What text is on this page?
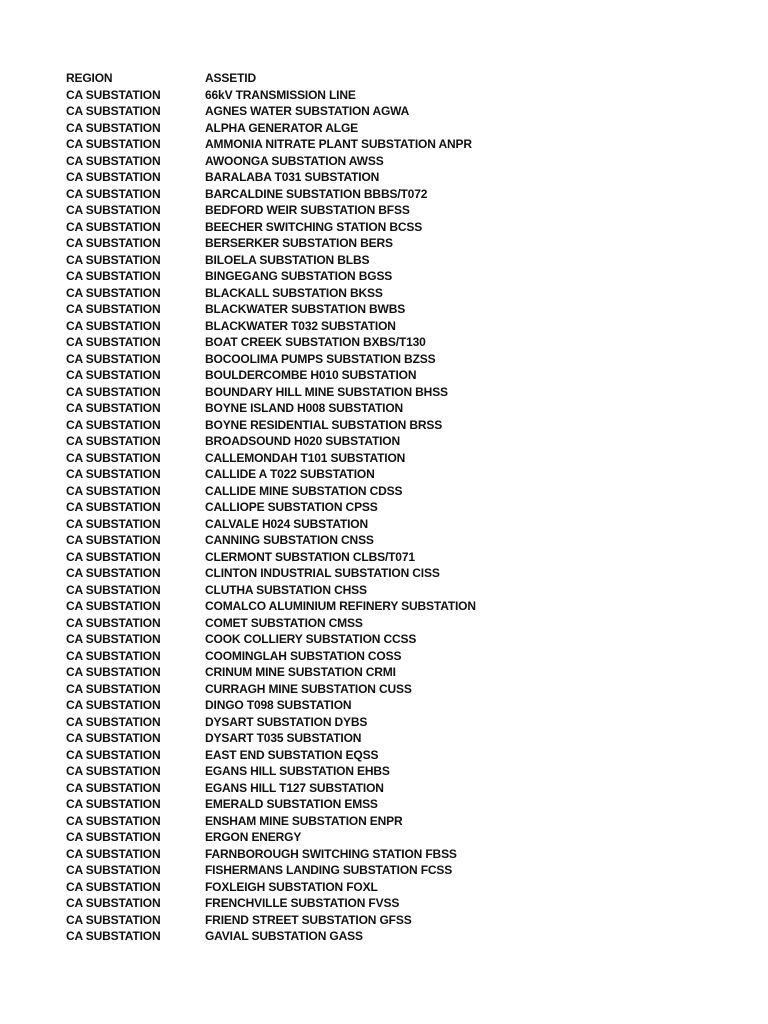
REGION	ASSETID
CA SUBSTATION	66kV TRANSMISSION LINE
CA SUBSTATION	AGNES WATER SUBSTATION AGWA
CA SUBSTATION	ALPHA GENERATOR ALGE
CA SUBSTATION	AMMONIA NITRATE PLANT SUBSTATION ANPR
CA SUBSTATION	AWOONGA SUBSTATION AWSS
CA SUBSTATION	BARALABA T031 SUBSTATION
CA SUBSTATION	BARCALDINE SUBSTATION BBBS/T072
CA SUBSTATION	BEDFORD WEIR SUBSTATION BFSS
CA SUBSTATION	BEECHER SWITCHING STATION BCSS
CA SUBSTATION	BERSERKER SUBSTATION BERS
CA SUBSTATION	BILOELA SUBSTATION BLBS
CA SUBSTATION	BINGEGANG SUBSTATION BGSS
CA SUBSTATION	BLACKALL SUBSTATION BKSS
CA SUBSTATION	BLACKWATER SUBSTATION BWBS
CA SUBSTATION	BLACKWATER T032 SUBSTATION
CA SUBSTATION	BOAT CREEK SUBSTATION BXBS/T130
CA SUBSTATION	BOCOOLIMA PUMPS SUBSTATION BZSS
CA SUBSTATION	BOULDERCOMBE H010 SUBSTATION
CA SUBSTATION	BOUNDARY HILL MINE SUBSTATION BHSS
CA SUBSTATION	BOYNE ISLAND H008 SUBSTATION
CA SUBSTATION	BOYNE RESIDENTIAL SUBSTATION BRSS
CA SUBSTATION	BROADSOUND H020 SUBSTATION
CA SUBSTATION	CALLEMONDAH T101 SUBSTATION
CA SUBSTATION	CALLIDE A T022 SUBSTATION
CA SUBSTATION	CALLIDE MINE SUBSTATION CDSS
CA SUBSTATION	CALLIOPE SUBSTATION CPSS
CA SUBSTATION	CALVALE H024 SUBSTATION
CA SUBSTATION	CANNING SUBSTATION CNSS
CA SUBSTATION	CLERMONT SUBSTATION CLBS/T071
CA SUBSTATION	CLINTON INDUSTRIAL SUBSTATION CISS
CA SUBSTATION	CLUTHA SUBSTATION CHSS
CA SUBSTATION	COMALCO ALUMINIUM REFINERY SUBSTATION
CA SUBSTATION	COMET SUBSTATION CMSS
CA SUBSTATION	COOK COLLIERY SUBSTATION CCSS
CA SUBSTATION	COOMINGLAH SUBSTATION COSS
CA SUBSTATION	CRINUM MINE SUBSTATION CRMI
CA SUBSTATION	CURRAGH MINE SUBSTATION CUSS
CA SUBSTATION	DINGO T098 SUBSTATION
CA SUBSTATION	DYSART SUBSTATION DYBS
CA SUBSTATION	DYSART T035 SUBSTATION
CA SUBSTATION	EAST END SUBSTATION EQSS
CA SUBSTATION	EGANS HILL SUBSTATION EHBS
CA SUBSTATION	EGANS HILL T127 SUBSTATION
CA SUBSTATION	EMERALD SUBSTATION EMSS
CA SUBSTATION	ENSHAM MINE SUBSTATION ENPR
CA SUBSTATION	ERGON ENERGY
CA SUBSTATION	FARNBOROUGH SWITCHING STATION FBSS
CA SUBSTATION	FISHERMANS LANDING SUBSTATION FCSS
CA SUBSTATION	FOXLEIGH SUBSTATION FOXL
CA SUBSTATION	FRENCHVILLE SUBSTATION FVSS
CA SUBSTATION	FRIEND STREET SUBSTATION GFSS
CA SUBSTATION	GAVIAL SUBSTATION GASS
